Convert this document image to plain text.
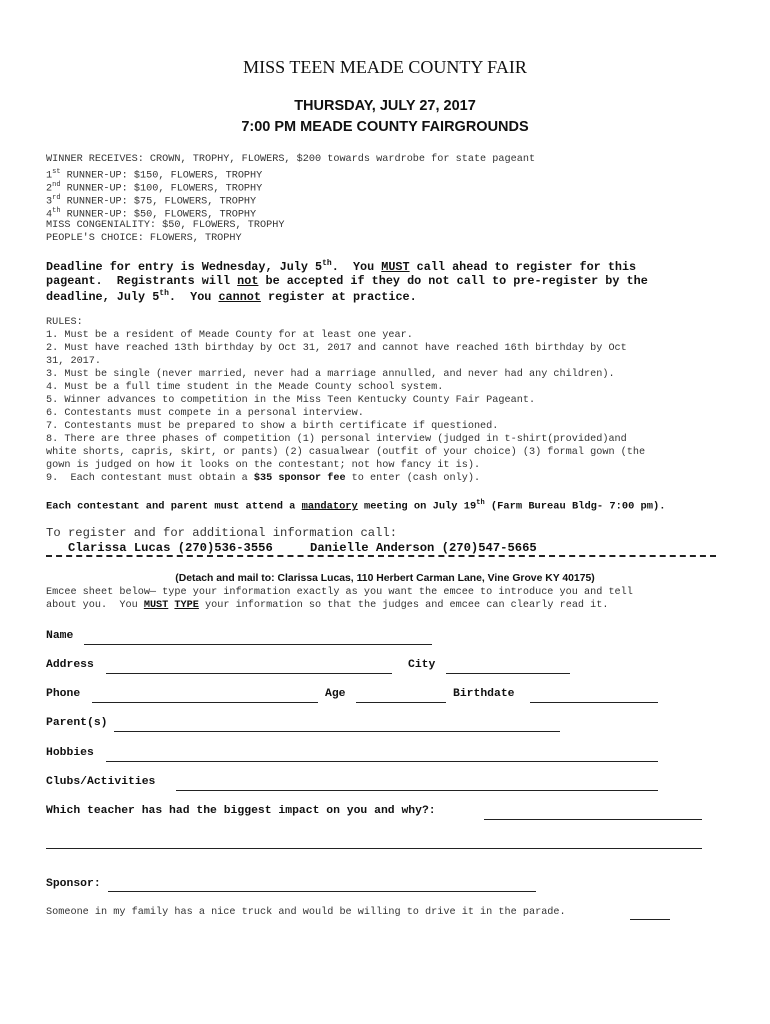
MISS TEEN MEADE COUNTY FAIR
THURSDAY, JULY 27, 2017
7:00 PM MEADE COUNTY FAIRGROUNDS
WINNER RECEIVES: CROWN, TROPHY, FLOWERS, $200 towards wardrobe for state pageant
1st RUNNER-UP: $150, FLOWERS, TROPHY
2nd RUNNER-UP: $100, FLOWERS, TROPHY
3rd RUNNER-UP: $75, FLOWERS, TROPHY
4th RUNNER-UP: $50, FLOWERS, TROPHY
MISS CONGENIALITY: $50, FLOWERS, TROPHY
PEOPLE'S CHOICE: FLOWERS, TROPHY
Deadline for entry is Wednesday, July 5th.  You MUST call ahead to register for this
pageant.  Registrants will not be accepted if they do not call to pre-register by the
deadline, July 5th.  You cannot register at practice.
RULES:
1. Must be a resident of Meade County for at least one year.
2. Must have reached 13th birthday by Oct 31, 2017 and cannot have reached 16th birthday by Oct
31, 2017.
3. Must be single (never married, never had a marriage annulled, and never had any children).
4. Must be a full time student in the Meade County school system.
5. Winner advances to competition in the Miss Teen Kentucky County Fair Pageant.
6. Contestants must compete in a personal interview.
7. Contestants must be prepared to show a birth certificate if questioned.
8. There are three phases of competition (1) personal interview (judged in t-shirt(provided)and
white shorts, capris, skirt, or pants) (2) casualwear (outfit of your choice) (3) formal gown (the
gown is judged on how it looks on the contestant; not how fancy it is).
9.  Each contestant must obtain a $35 sponsor fee to enter (cash only).
Each contestant and parent must attend a mandatory meeting on July 19th (Farm Bureau Bldg- 7:00 pm).
To register and for additional information call:
Clarissa Lucas (270)536-3556	Danielle Anderson (270)547-5665
(Detach and mail to: Clarissa Lucas, 110 Herbert Carman Lane, Vine Grove KY 40175)
Emcee sheet below— type your information exactly as you want the emcee to introduce you and tell
about you.  You MUST TYPE your information so that the judges and emcee can clearly read it.
Name
Address	City
Phone	Age	Birthdate
Parent(s)
Hobbies
Clubs/Activities
Which teacher has had the biggest impact on you and why?:
Sponsor:
Someone in my family has a nice truck and would be willing to drive it in the parade.
